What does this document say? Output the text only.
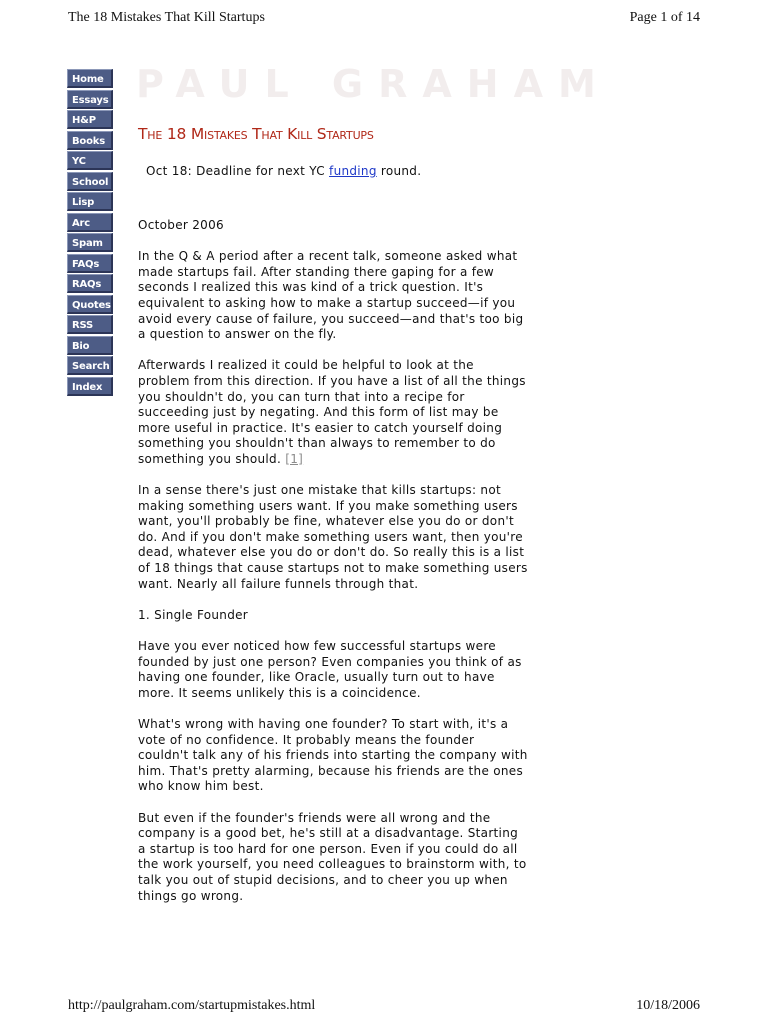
The 18 Mistakes That Kill Startups	Page 1 of 14
Home
Essays
H&P
Books
YC
School
Lisp
Arc
Spam
FAQs
RAQs
Quotes
RSS
Bio
Search
Index
PAUL GRAHAM
The 18 Mistakes That Kill Startups
Oct 18: Deadline for next YC funding round.

October 2006

In the Q & A period after a recent talk, someone asked what made startups fail. After standing there gaping for a few seconds I realized this was kind of a trick question. It's equivalent to asking how to make a startup succeed—if you avoid every cause of failure, you succeed—and that's too big a question to answer on the fly.

Afterwards I realized it could be helpful to look at the problem from this direction. If you have a list of all the things you shouldn't do, you can turn that into a recipe for succeeding just by negating. And this form of list may be more useful in practice. It's easier to catch yourself doing something you shouldn't than always to remember to do something you should. [1]

In a sense there's just one mistake that kills startups: not making something users want. If you make something users want, you'll probably be fine, whatever else you do or don't do. And if you don't make something users want, then you're dead, whatever else you do or don't do. So really this is a list of 18 things that cause startups not to make something users want. Nearly all failure funnels through that.

1. Single Founder

Have you ever noticed how few successful startups were founded by just one person? Even companies you think of as having one founder, like Oracle, usually turn out to have more. It seems unlikely this is a coincidence.

What's wrong with having one founder? To start with, it's a vote of no confidence. It probably means the founder couldn't talk any of his friends into starting the company with him. That's pretty alarming, because his friends are the ones who know him best.

But even if the founder's friends were all wrong and the company is a good bet, he's still at a disadvantage. Starting a startup is too hard for one person. Even if you could do all the work yourself, you need colleagues to brainstorm with, to talk you out of stupid decisions, and to cheer you up when things go wrong.

http://paulgraham.com/startupmistakes.html	10/18/2006
